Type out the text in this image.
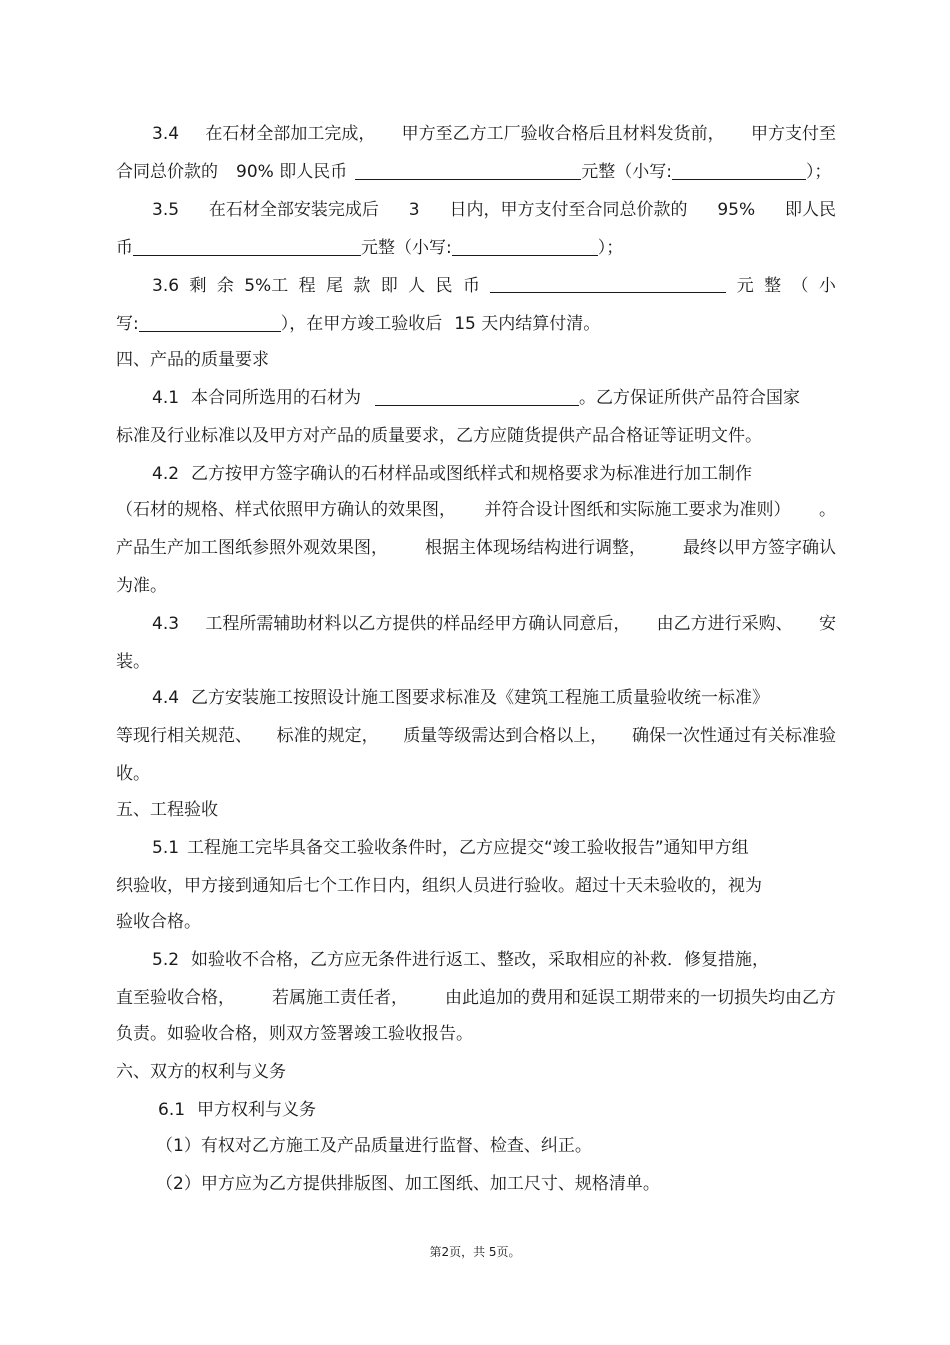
3.4 在石材全部加工完成， 甲方至乙方工厂验收合格后且材料发货前， 甲方支付至
合同总价款的 90% 即人民币	元整（小写:	）；
3.5 在石材全部安装完成后 3 日内，甲方支付至合同总价款的 95% 即人民
币	元整（小写:	）；
3.6 剩 余 5%工 程 尾 款 即 人 民 币	元 整 （ 小
写:	），在甲方竣工验收后 15 天内结算付清。
四、产品的质量要求
4.1 本合同所选用的石材为	。乙方保证所供产品符合国家
标准及行业标准以及甲方对产品的质量要求，乙方应随货提供产品合格证等证明文件。
4.2 乙方按甲方签字确认的石材样品或图纸样式和规格要求为标准进行加工制作
（石材的规格、样式依照甲方确认的效果图， 并符合设计图纸和实际施工要求为准则） 。
产品生产加工图纸参照外观效果图， 根据主体现场结构进行调整， 最终以甲方签字确认
为准。
4.3 工程所需辅助材料以乙方提供的样品经甲方确认同意后， 由乙方进行采购、 安
装。
4.4 乙方安装施工按照设计施工图要求标准及《建筑工程施工质量验收统一标准》
等现行相关规范、 标准的规定， 质量等级需达到合格以上， 确保一次性通过有关标准验
收。
五、工程验收
5.1 工程施工完毕具备交工验收条件时，乙方应提交“竣工验收报告”通知甲方组
织验收，甲方接到通知后七个工作日内，组织人员进行验收。超过十天未验收的，视为
验收合格。
5.2 如验收不合格，乙方应无条件进行返工、整改，采取相应的补救．修复措施，
直至验收合格， 若属施工责任者， 由此追加的费用和延误工期带来的一切损失均由乙方
负责。如验收合格，则双方签署竣工验收报告。
六、双方的权利与义务
6.1 甲方权利与义务
（1）有权对乙方施工及产品质量进行监督、检查、纠正。
（2）甲方应为乙方提供排版图、加工图纸、加工尺寸、规格清单。
第2页，共 5页。
